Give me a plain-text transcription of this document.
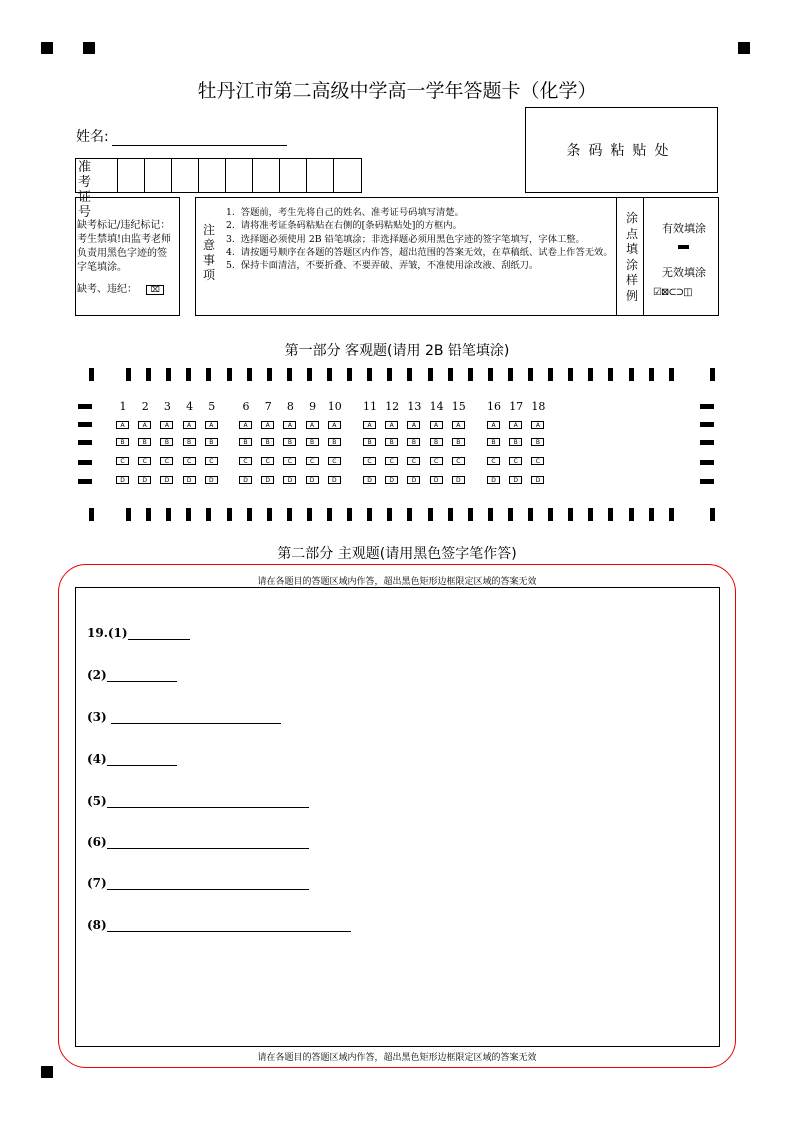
牡丹江市第二高级中学高一学年答题卡（化学）
姓名:
条码粘贴处
准 考 证 号
缺考标记/违纪标记：
考生禁填!由监考老师
负责用黑色字迹的签
字笔填涂。
缺考、违纪： ⌧
注意事项
1.  答题前，考生先将自己的姓名、准考证号码填写清楚。
2.  请将准考证条码粘贴在右侧的[条码粘贴处]的方框内。
3.  选择题必须使用 2B 铅笔填涂；非选择题必须用黑色字迹的签字笔填写，字体工整。
4.  请按题号顺序在各题的答题区内作答，超出范围的答案无效，在草稿纸、试卷上作答无效。
5.  保持卡面清洁，不要折叠、不要弄破、弄皱，不准使用涂改液、刮纸刀。
涂点填涂样例
有效填涂
无效填涂
☑⊠⊂⊃◫
第一部分 客观题(请用 2B 铅笔填涂)
1
A
B
C
D
2
A
B
C
D
3
A
B
C
D
4
A
B
C
D
5
A
B
C
D
6
A
B
C
D
7
A
B
C
D
8
A
B
C
D
9
A
B
C
D
10
A
B
C
D
11
A
B
C
D
12
A
B
C
D
13
A
B
C
D
14
A
B
C
D
15
A
B
C
D
16
A
B
C
D
17
A
B
C
D
18
A
B
C
D
第二部分 主观题(请用黑色签字笔作答)
请在各题目的答题区域内作答，超出黑色矩形边框限定区域的答案无效
请在各题目的答题区域内作答，超出黑色矩形边框限定区域的答案无效
19.(1)
(2)
(3)
(4)
(5)
(6)
(7)
(8)
